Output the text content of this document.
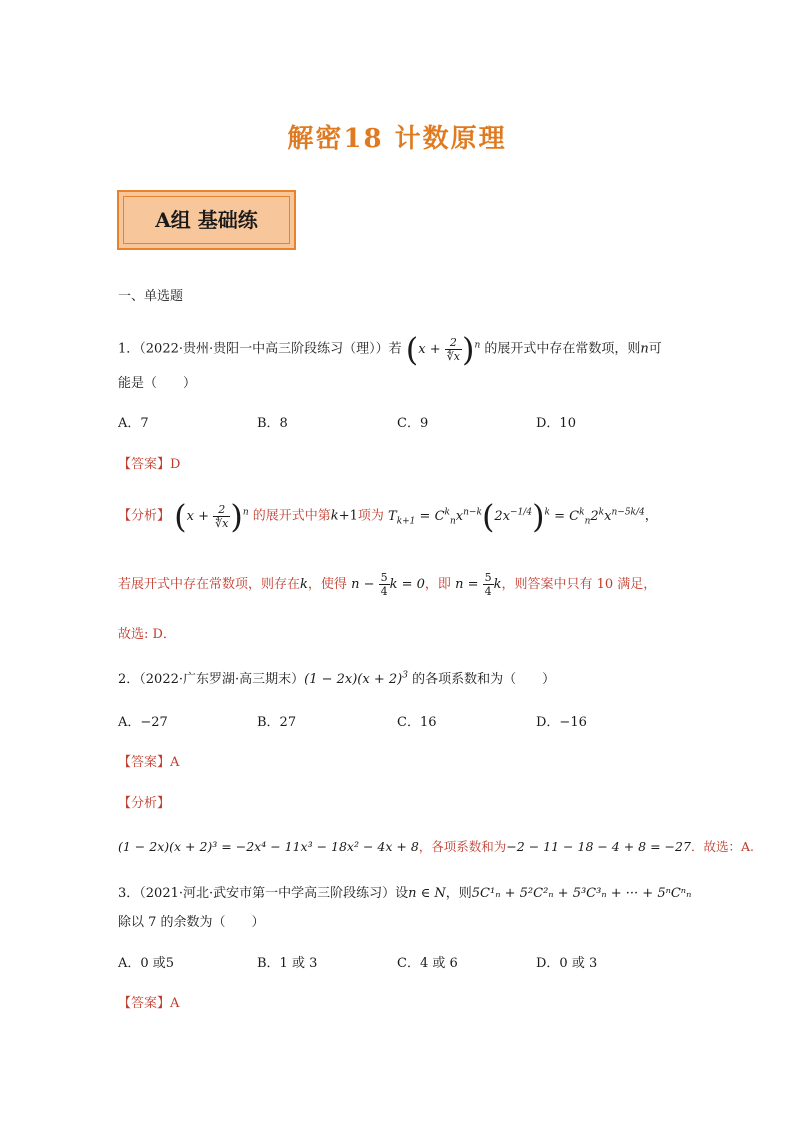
解密18 计数原理
A组 基础练
一、单选题
1．（2022·贵州·贵阳一中高三阶段练习（理））若 $(x + \frac{2}{∜x} )^n$ 的展开式中存在常数项，则n可
能是（　　）
A．7	B．8	C．9	D．10
【答案】D
【分析】 $(x + \frac{2}{∜x} )^n$ 的展开式中第k+1项为 $T_{k+1} = C^k_nx^{n-k}(2x^{-1/4})^k = C^k_n2^kx^{n-5k/4}$，
若展开式中存在常数项，则存在k，使得 $n - \frac{5}{4}$ k = 0，即 $n = \frac{5}{4}$ k，则答案中只有 10 满足，
故选: D．
2．（2022·广东罗湖·高三期末）$(1 - 2x)(x + 2)^3$ 的各项系数和为（　　）
A．−27	B．27	C．16	D．−16
【答案】A
【分析】
(1 − 2x)(x + 2)³ = −2x⁴ − 11x³ − 18x² − 4x + 8，各项系数和为−2 − 11 − 18 − 4 + 8 = −27．故选：A.
3．（2021·河北·武安市第一中学高三阶段练习）设n ∈ N，则5C¹ₙ + 5²C²ₙ + 5³C³ₙ + ··· + 5ⁿCⁿₙ
除以 7 的余数为（　　）
A．0 或5	B．1 或 3	C．4 或 6	D．0 或 3
【答案】A
